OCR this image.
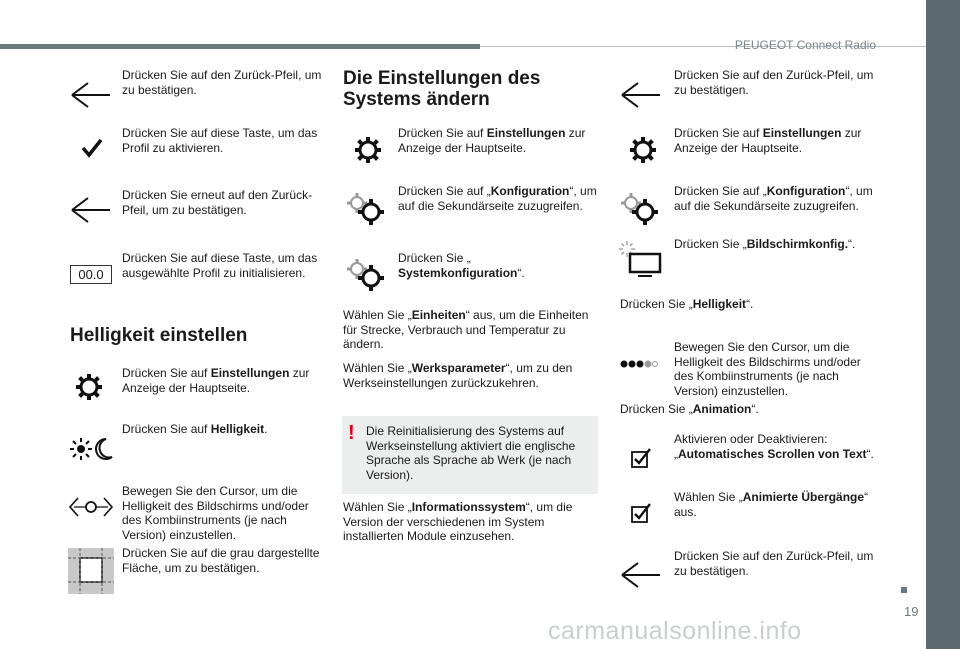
PEUGEOT Connect Radio
19
carmanualsonline.info
Drücken Sie auf den Zurück-Pfeil, um zu bestätigen.
Drücken Sie auf diese Taste, um das Profil zu aktivieren.
Drücken Sie erneut auf den Zurück-Pfeil, um zu bestätigen.
00.0
Drücken Sie auf diese Taste, um das ausgewählte Profil zu initialisieren.
Helligkeit einstellen
Drücken Sie auf Einstellungen zur Anzeige der Hauptseite.
Drücken Sie auf Helligkeit.
Bewegen Sie den Cursor, um die Helligkeit des Bildschirms und/oder des Kombiinstruments (je nach Version) einzustellen.
Drücken Sie auf die grau dargestellte Fläche, um zu bestätigen.
Die Einstellungen des
Systems ändern
Drücken Sie auf Einstellungen zur Anzeige der Hauptseite.
Drücken Sie auf „Konfiguration“, um auf die Sekundärseite zuzugreifen.
Drücken Sie „
Systemkonfiguration“.
Wählen Sie „Einheiten“ aus, um die Einheiten für Strecke, Verbrauch und Temperatur zu ändern.
Wählen Sie „Werksparameter“, um zu den Werkseinstellungen zurückzukehren.
! Die Reinitialisierung des Systems auf Werkseinstellung aktiviert die englische Sprache als Sprache ab Werk (je nach Version).
Wählen Sie „Informationssystem“, um die Version der verschiedenen im System installierten Module einzusehen.
Drücken Sie auf den Zurück-Pfeil, um zu bestätigen.
Drücken Sie auf Einstellungen zur Anzeige der Hauptseite.
Drücken Sie auf „Konfiguration“, um auf die Sekundärseite zuzugreifen.
Drücken Sie „Bildschirmkonfig.“.
Drücken Sie „Helligkeit“.
Bewegen Sie den Cursor, um die Helligkeit des Bildschirms und/oder des Kombiinstruments (je nach Version) einzustellen.
Drücken Sie „Animation“.
Aktivieren oder Deaktivieren: „Automatisches Scrollen von Text“.
Wählen Sie „Animierte Übergänge“ aus.
Drücken Sie auf den Zurück-Pfeil, um zu bestätigen.
